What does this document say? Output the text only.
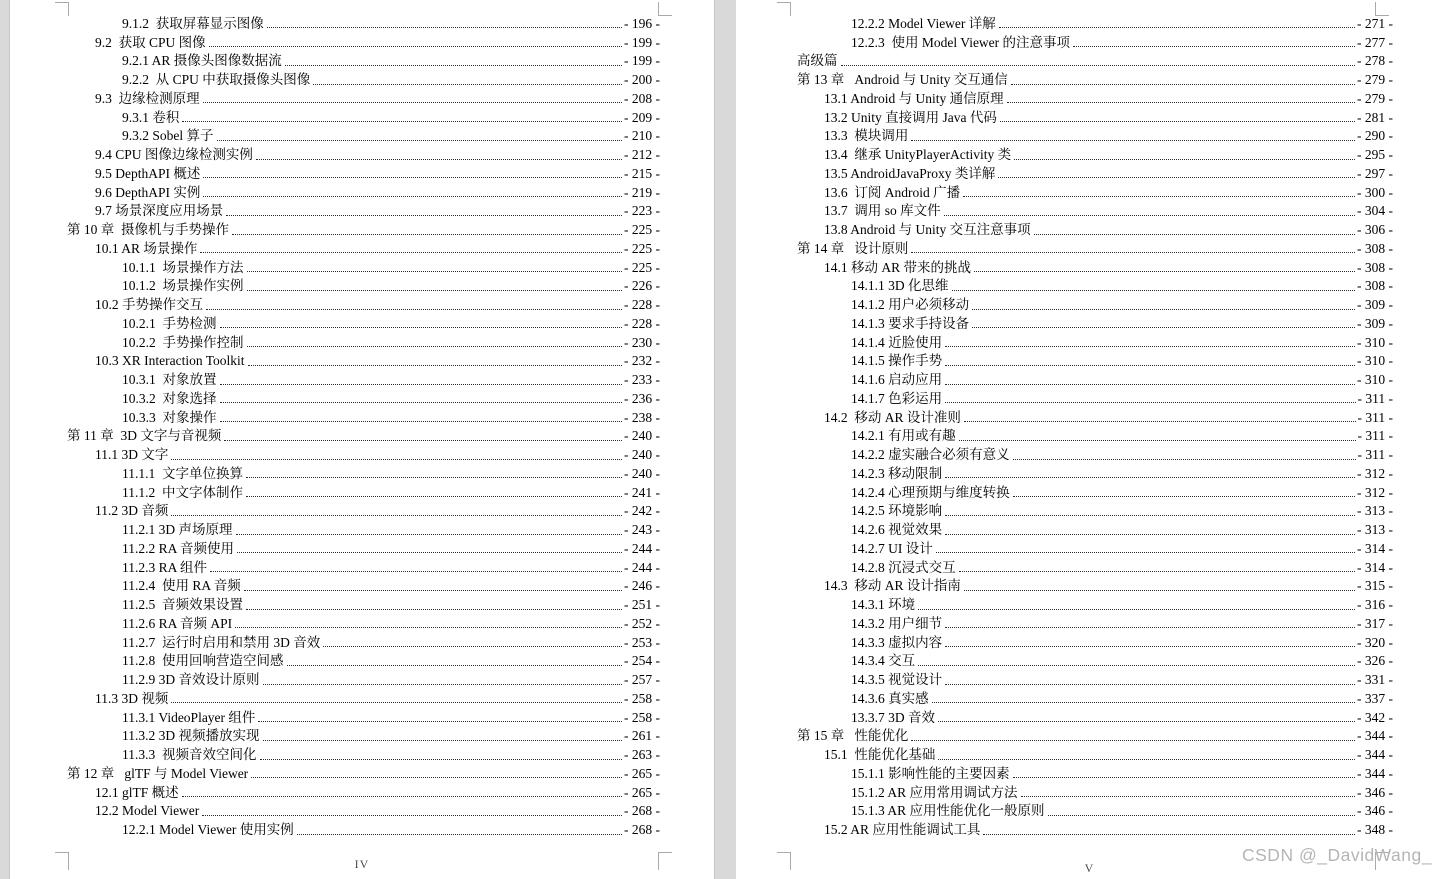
9.1.2  获取屏幕显示图像	- 196 -
9.2  获取 CPU 图像	- 199 -
9.2.1 AR 摄像头图像数据流	- 199 -
9.2.2  从 CPU 中获取摄像头图像	- 200 -
9.3  边缘检测原理	- 208 -
9.3.1 卷积	- 209 -
9.3.2 Sobel 算子	- 210 -
9.4 CPU 图像边缘检测实例	- 212 -
9.5 DepthAPI 概述	- 215 -
9.6 DepthAPI 实例	- 219 -
9.7 场景深度应用场景	- 223 -
第 10 章  摄像机与手势操作	- 225 -
10.1 AR 场景操作	- 225 -
10.1.1  场景操作方法	- 225 -
10.1.2  场景操作实例	- 226 -
10.2 手势操作交互	- 228 -
10.2.1  手势检测	- 228 -
10.2.2  手势操作控制	- 230 -
10.3 XR Interaction Toolkit	- 232 -
10.3.1  对象放置	- 233 -
10.3.2  对象选择	- 236 -
10.3.3  对象操作	- 238 -
第 11 章  3D 文字与音视频	- 240 -
11.1 3D 文字	- 240 -
11.1.1  文字单位换算	- 240 -
11.1.2  中文字体制作	- 241 -
11.2 3D 音频	- 242 -
11.2.1 3D 声场原理	- 243 -
11.2.2 RA 音频使用	- 244 -
11.2.3 RA 组件	- 244 -
11.2.4  使用 RA 音频	- 246 -
11.2.5  音频效果设置	- 251 -
11.2.6 RA 音频 API	- 252 -
11.2.7  运行时启用和禁用 3D 音效	- 253 -
11.2.8  使用回响营造空间感	- 254 -
11.2.9 3D 音效设计原则	- 257 -
11.3 3D 视频	- 258 -
11.3.1 VideoPlayer 组件	- 258 -
11.3.2 3D 视频播放实现	- 261 -
11.3.3  视频音效空间化	- 263 -
第 12 章   glTF 与 Model Viewer	- 265 -
12.1 glTF 概述	- 265 -
12.2 Model Viewer	- 268 -
12.2.1 Model Viewer 使用实例	- 268 -
IV
12.2.2 Model Viewer 详解	- 271 -
12.2.3  使用 Model Viewer 的注意事项	- 277 -
高级篇	- 278 -
第 13 章   Android 与 Unity 交互通信	- 279 -
13.1 Android 与 Unity 通信原理	- 279 -
13.2 Unity 直接调用 Java 代码	- 281 -
13.3  模块调用	- 290 -
13.4  继承 UnityPlayerActivity 类	- 295 -
13.5 AndroidJavaProxy 类详解	- 297 -
13.6  订阅 Android 广播	- 300 -
13.7  调用 so 库文件	- 304 -
13.8 Android 与 Unity 交互注意事项	- 306 -
第 14 章   设计原则	- 308 -
14.1 移动 AR 带来的挑战	- 308 -
14.1.1 3D 化思维	- 308 -
14.1.2 用户必须移动	- 309 -
14.1.3 要求手持设备	- 309 -
14.1.4 近脸使用	- 310 -
14.1.5 操作手势	- 310 -
14.1.6 启动应用	- 310 -
14.1.7 色彩运用	- 311 -
14.2  移动 AR 设计准则	- 311 -
14.2.1 有用或有趣	- 311 -
14.2.2 虚实融合必须有意义	- 311 -
14.2.3 移动限制	- 312 -
14.2.4 心理预期与维度转换	- 312 -
14.2.5 环境影响	- 313 -
14.2.6 视觉效果	- 313 -
14.2.7 UI 设计	- 314 -
14.2.8 沉浸式交互	- 314 -
14.3  移动 AR 设计指南	- 315 -
14.3.1 环境	- 316 -
14.3.2 用户细节	- 317 -
14.3.3 虚拟内容	- 320 -
14.3.4 交互	- 326 -
14.3.5 视觉设计	- 331 -
14.3.6 真实感	- 337 -
13.3.7 3D 音效	- 342 -
第 15 章   性能优化	- 344 -
15.1  性能优化基础	- 344 -
15.1.1 影响性能的主要因素	- 344 -
15.1.2 AR 应用常用调试方法	- 346 -
15.1.3 AR 应用性能优化一般原则	- 346 -
15.2 AR 应用性能调试工具	- 348 -
V
CSDN @_DavidWang_
